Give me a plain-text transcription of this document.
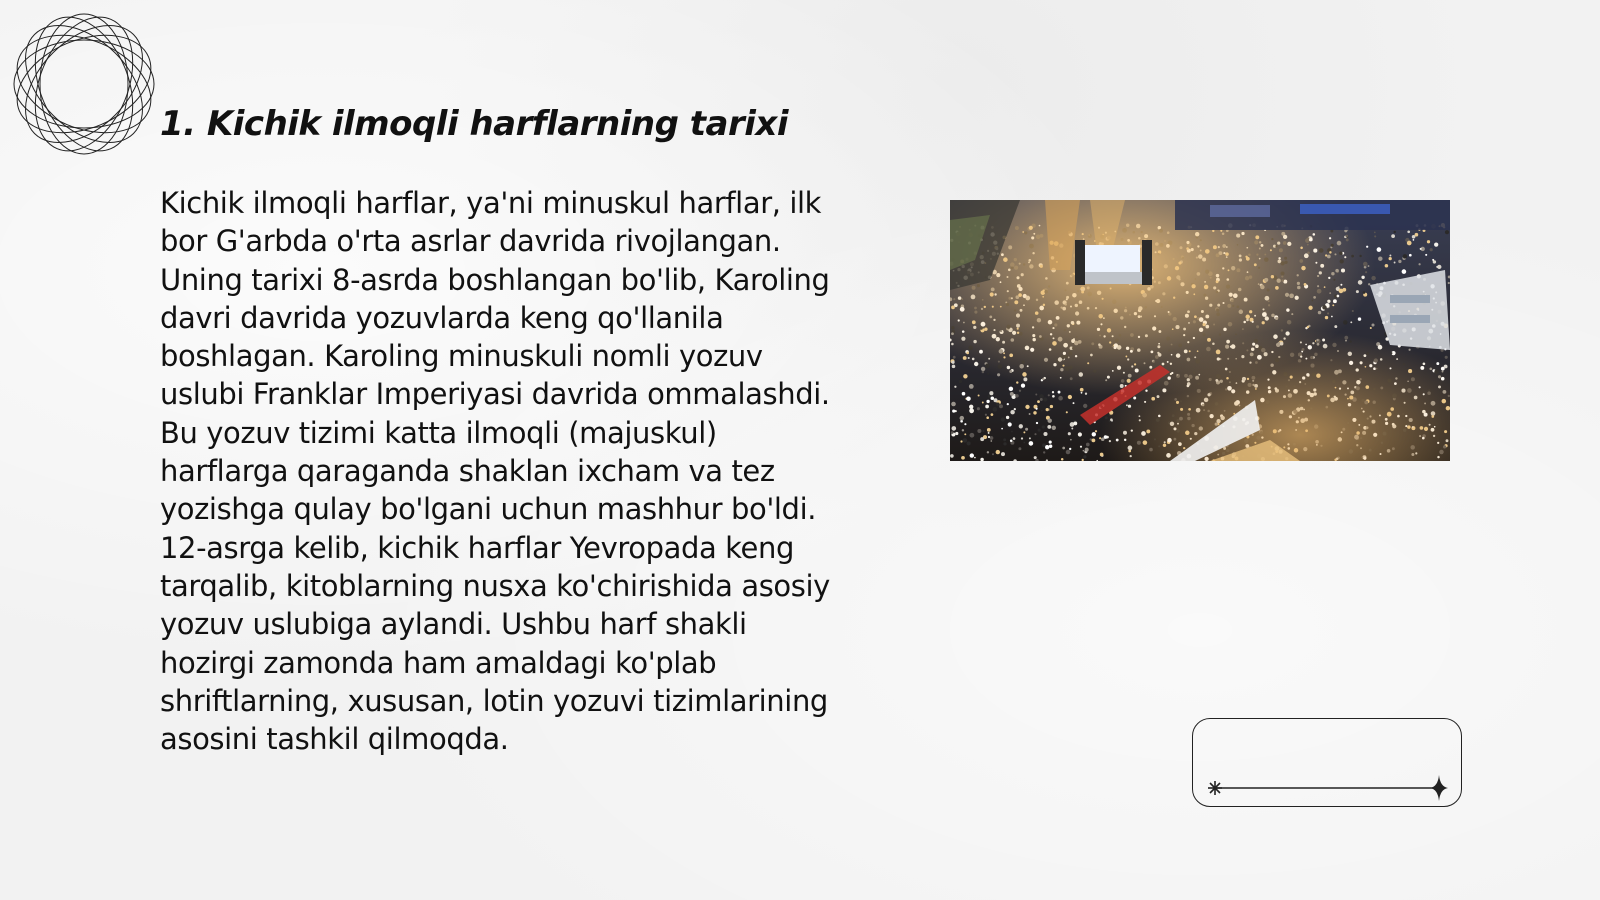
1. Kichik ilmoqli harflarning tarixi

Kichik ilmoqli harflar, ya'ni minuskul harflar, ilk bor G'arbda o'rta asrlar davrida rivojlangan. Uning tarixi 8-asrda boshlangan bo'lib, Karoling davri davrida yozuvlarda keng qo'llanila boshlagan. Karoling minuskuli nomli yozuv uslubi Franklar Imperiyasi davrida ommalashdi. Bu yozuv tizimi katta ilmoqli (majuskul) harflarga qaraganda shaklan ixcham va tez yozishga qulay bo'lgani uchun mashhur bo'ldi. 12-asrga kelib, kichik harflar Yevropada keng tarqalib, kitoblarning nusxa ko'chirishida asosiy yozuv uslubiga aylandi. Ushbu harf shakli hozirgi zamonda ham amaldagi ko'plab shriftlarning, xususan, lotin yozuvi tizimlarining asosini tashkil qilmoqda.
